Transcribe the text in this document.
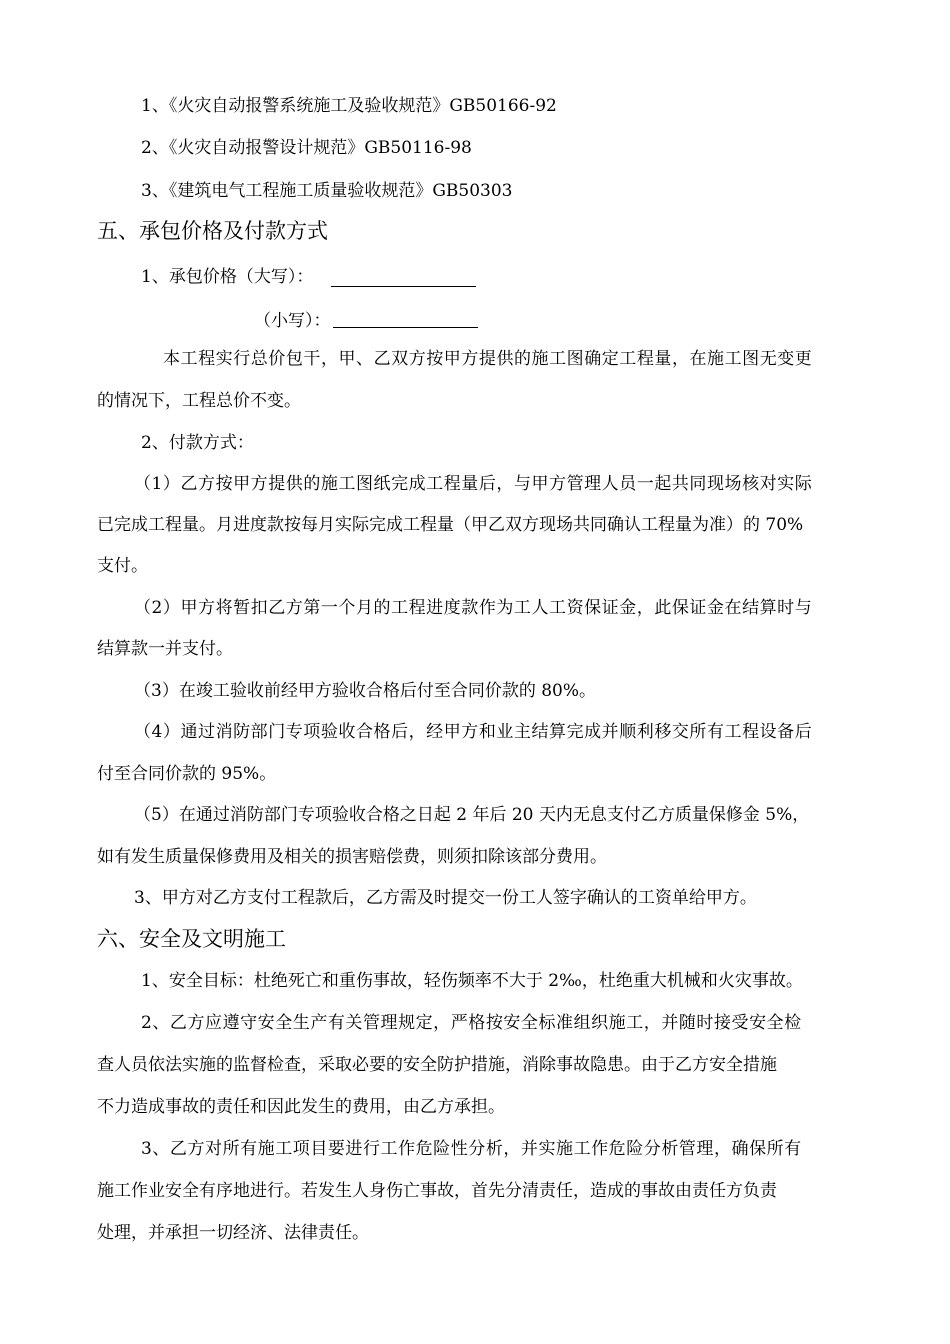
1、《火灾自动报警系统施工及验收规范》GB50166-92
2、《火灾自动报警设计规范》GB50116-98
3、《建筑电气工程施工质量验收规范》GB50303
五、承包价格及付款方式
1、承包价格（大写）：
（小写）：
本工程实行总价包干，甲、乙双方按甲方提供的施工图确定工程量，在施工图无变更
的情况下，工程总价不变。
2、付款方式：
（1）乙方按甲方提供的施工图纸完成工程量后，与甲方管理人员一起共同现场核对实际
已完成工程量。月进度款按每月实际完成工程量（甲乙双方现场共同确认工程量为准）的 70%
支付。
（2）甲方将暂扣乙方第一个月的工程进度款作为工人工资保证金，此保证金在结算时与
结算款一并支付。
（3）在竣工验收前经甲方验收合格后付至合同价款的 80%。
（4）通过消防部门专项验收合格后，经甲方和业主结算完成并顺利移交所有工程设备后
付至合同价款的 95%。
（5）在通过消防部门专项验收合格之日起 2 年后 20 天内无息支付乙方质量保修金 5%，
如有发生质量保修费用及相关的损害赔偿费，则须扣除该部分费用。
3、甲方对乙方支付工程款后，乙方需及时提交一份工人签字确认的工资单给甲方。
六、安全及文明施工
1、安全目标：杜绝死亡和重伤事故，轻伤频率不大于 2‰，杜绝重大机械和火灾事故。
2、乙方应遵守安全生产有关管理规定，严格按安全标准组织施工，并随时接受安全检
查人员依法实施的监督检查，采取必要的安全防护措施，消除事故隐患。由于乙方安全措施
不力造成事故的责任和因此发生的费用，由乙方承担。
3、乙方对所有施工项目要进行工作危险性分析，并实施工作危险分析管理，确保所有
施工作业安全有序地进行。若发生人身伤亡事故，首先分清责任，造成的事故由责任方负责
处理，并承担一切经济、法律责任。
